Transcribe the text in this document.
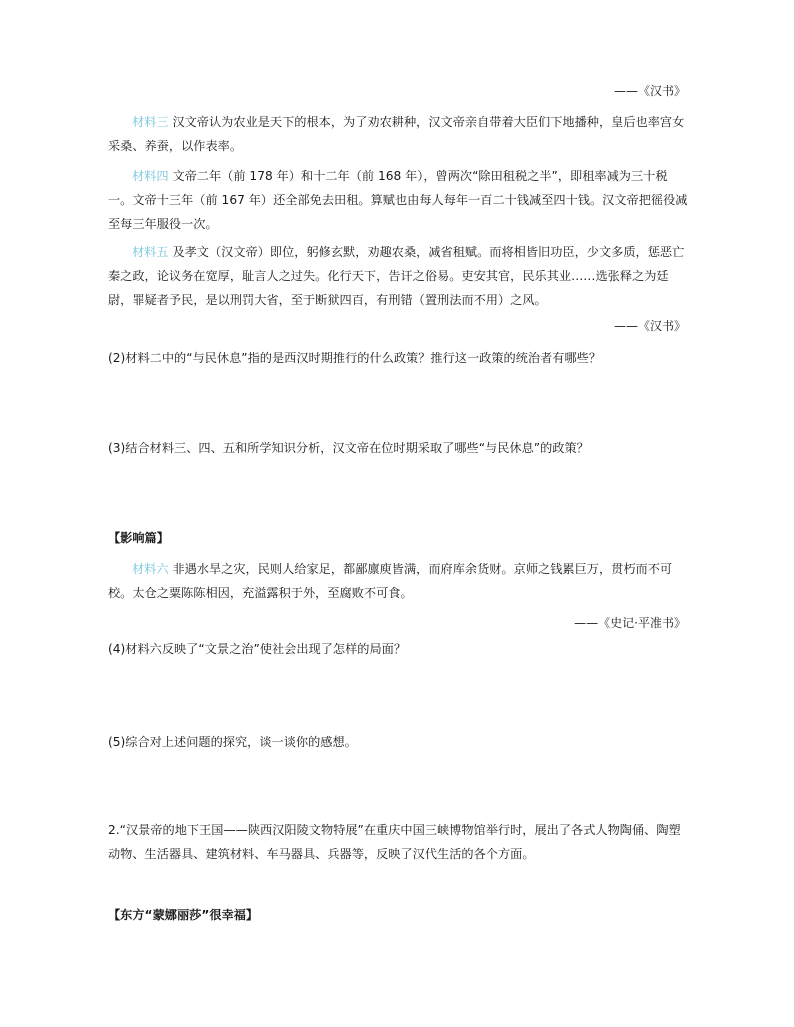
——《汉书》
材料三 汉文帝认为农业是天下的根本，为了劝农耕种，汉文帝亲自带着大臣们下地播种，皇后也率宫女采桑、养蚕，以作表率。
材料四 文帝二年（前 178 年）和十二年（前 168 年），曾两次“除田租税之半”，即租率减为三十税一。文帝十三年（前 167 年）还全部免去田租。算赋也由每人每年一百二十钱减至四十钱。汉文帝把徭役减至每三年服役一次。
材料五 及孝文（汉文帝）即位，躬修玄默，劝趣农桑，减省租赋。而将相皆旧功臣，少文多质，惩恶亡秦之政，论议务在宽厚，耻言人之过失。化行天下，告讦之俗易。吏安其官，民乐其业……选张释之为廷尉，罪疑者予民，是以刑罚大省，至于断狱四百，有刑错（置刑法而不用）之风。
——《汉书》
(2)材料二中的“与民休息”指的是西汉时期推行的什么政策？推行这一政策的统治者有哪些？
(3)结合材料三、四、五和所学知识分析，汉文帝在位时期采取了哪些“与民休息”的政策？
【影响篇】
材料六 非遇水旱之灾，民则人给家足，都鄙廪庾皆满，而府库余货财。京师之钱累巨万，贯朽而不可校。太仓之粟陈陈相因，充溢露积于外，至腐败不可食。
——《史记·平准书》
(4)材料六反映了“文景之治”使社会出现了怎样的局面？
(5)综合对上述问题的探究，谈一谈你的感想。
2.“汉景帝的地下王国——陕西汉阳陵文物特展”在重庆中国三峡博物馆举行时，展出了各式人物陶俑、陶塑动物、生活器具、建筑材料、车马器具、兵器等，反映了汉代生活的各个方面。
【东方“蒙娜丽莎”很幸福】
